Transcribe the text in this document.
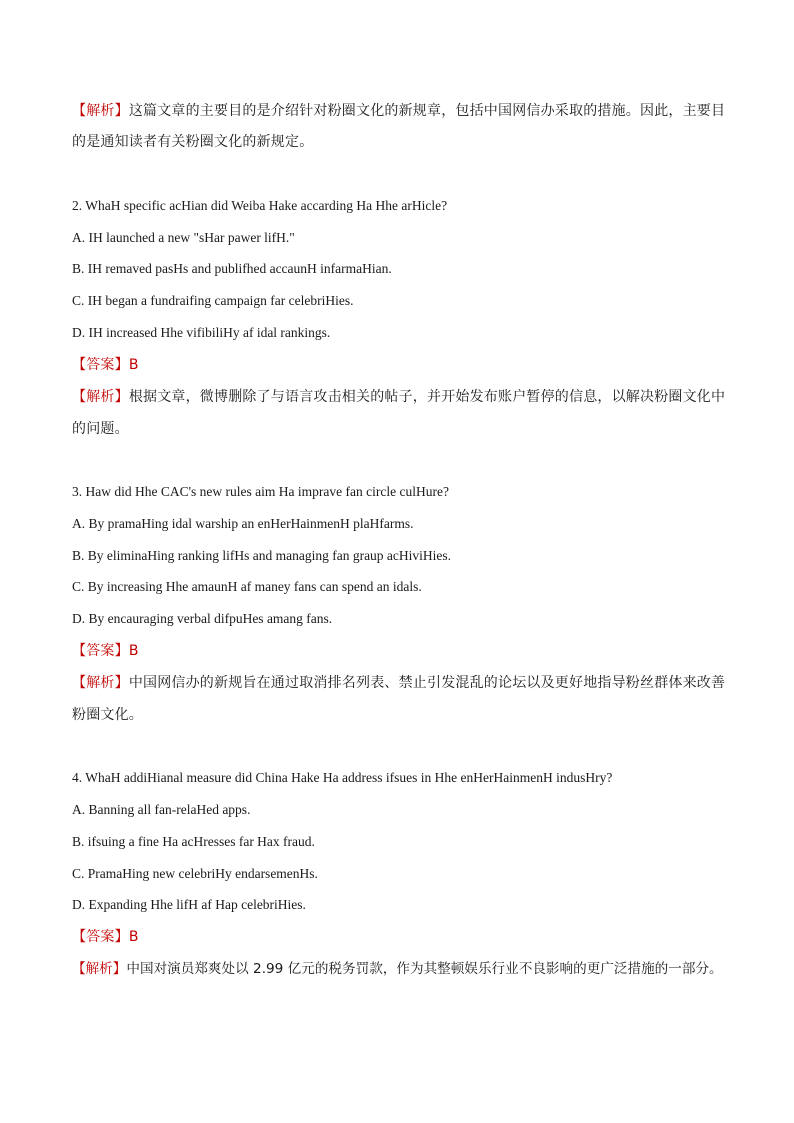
【解析】这篇文章的主要目的是介绍针对粉圈文化的新规章，包括中国网信办采取的措施。因此，主要目
的是通知读者有关粉圈文化的新规定。
2. WhaH specific acHian did Weiba Hake accarding Ha Hhe arHicle?
A. IH launched a new "sHar pawer lifH."
B. IH remaved pasHs and publifhed accaunH infarmaHian.
C. IH began a fundraifing campaign far celebriHies.
D. IH increased Hhe vifibiliHy af idal rankings.
【答案】B
【解析】根据文章，微博删除了与语言攻击相关的帖子，并开始发布账户暂停的信息，以解决粉圈文化中
的问题。
3. Haw did Hhe CAC's new rules aim Ha imprave fan circle culHure?
A. By pramaHing idal warship an enHerHainmenH plaHfarms.
B. By eliminaHing ranking lifHs and managing fan graup acHiviHies.
C. By increasing Hhe amaunH af maney fans can spend an idals.
D. By encauraging verbal difpuHes amang fans.
【答案】B
【解析】中国网信办的新规旨在通过取消排名列表、禁止引发混乱的论坛以及更好地指导粉丝群体来改善
粉圈文化。
4. WhaH addiHianal measure did China Hake Ha address ifsues in Hhe enHerHainmenH indusHry?
A. Banning all fan-relaHed apps.
B. ifsuing a fine Ha acHresses far Hax fraud.
C. PramaHing new celebriHy endarsemenHs.
D. Expanding Hhe lifH af Hap celebriHies.
【答案】B
【解析】中国对演员郑爽处以 2.99 亿元的税务罚款，作为其整顿娱乐行业不良影响的更广泛措施的一部分。
